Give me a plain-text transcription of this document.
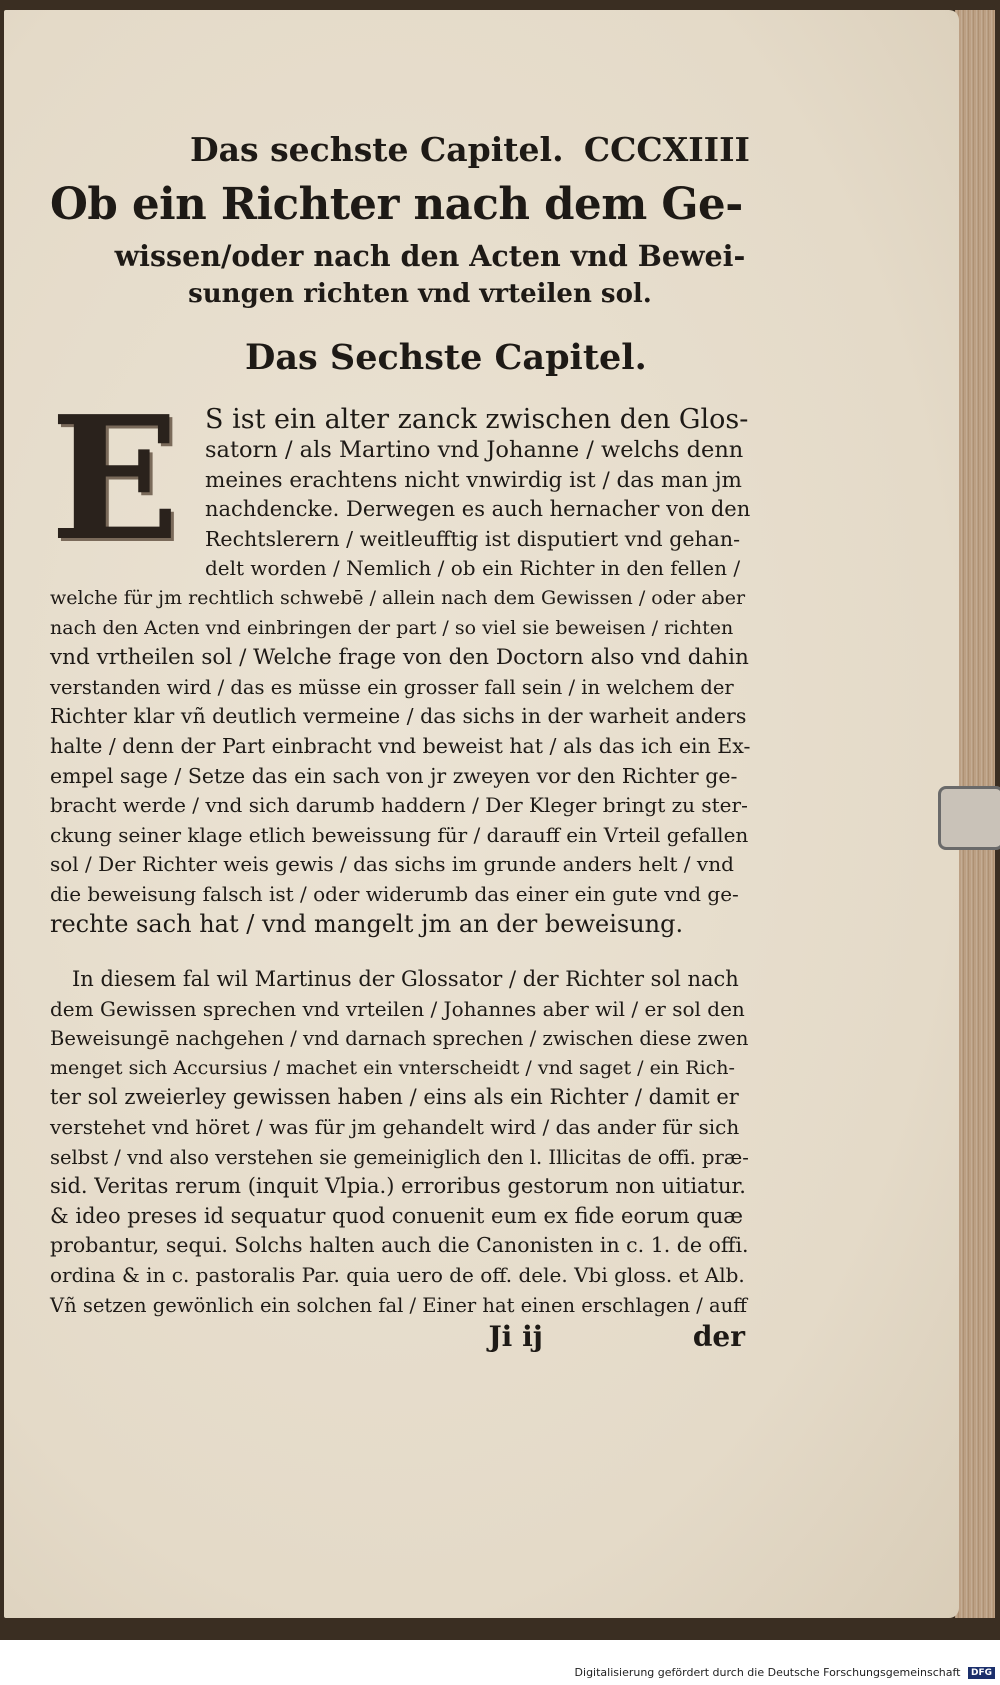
Das sechste Capitel. CCCXIIII
Ob ein Richter nach dem Ge-
wissen/oder nach den Acten vnd Bewei-
sungen richten vnd vrteilen sol.
Das Sechste Capitel.
E S ist ein alter zanck zwischen den Glos-
satorn / als Martino vnd Johanne / welchs denn
meines erachtens nicht vnwirdig ist / das man jm
nachdencke. Derwegen es auch hernacher von den
Rechtslerern / weitleufftig ist disputiert vnd gehan-
delt worden / Nemlich / ob ein Richter in den fellen /
welche für jm rechtlich schwebē / allein nach dem Gewissen / oder aber
nach den Acten vnd einbringen der part / so viel sie beweisen / richten
vnd vrtheilen sol / Welche frage von den Doctorn also vnd dahin
verstanden wird / das es müsse ein grosser fall sein / in welchem der
Richter klar vñ deutlich vermeine / das sichs in der warheit anders
halte / denn der Part einbracht vnd beweist hat / als das ich ein Ex-
empel sage / Setze das ein sach von jr zweyen vor den Richter ge-
bracht werde / vnd sich darumb haddern / Der Kleger bringt zu ster-
ckung seiner klage etlich beweissung für / darauff ein Vrteil gefallen
sol / Der Richter weis gewis / das sichs im grunde anders helt / vnd
die beweisung falsch ist / oder widerumb das einer ein gute vnd ge-
rechte sach hat / vnd mangelt jm an der beweisung.
In diesem fal wil Martinus der Glossator / der Richter sol nach
dem Gewissen sprechen vnd vrteilen / Johannes aber wil / er sol den
Beweisungē nachgehen / vnd darnach sprechen / zwischen diese zwen
menget sich Accursius / machet ein vnterscheidt / vnd saget / ein Rich-
ter sol zweierley gewissen haben / eins als ein Richter / damit er
verstehet vnd höret / was für jm gehandelt wird / das ander für sich
selbst / vnd also verstehen sie gemeiniglich den l. Illicitas de offi. præ-
sid. Veritas rerum (inquit Vlpia.) erroribus gestorum non uitiatur.
& ideo preses id sequatur quod conuenit eum ex fide eorum quæ
probantur, sequi. Solchs halten auch die Canonisten in c. 1. de offi.
ordina & in c. pastoralis Par. quia uero de off. dele. Vbi gloss. et Alb.
Vñ setzen gewönlich ein solchen fal / Einer hat einen erschlagen / auff
Ji ij	der
Digitalisierung gefördert durch die Deutsche Forschungsgemeinschaft DFG
